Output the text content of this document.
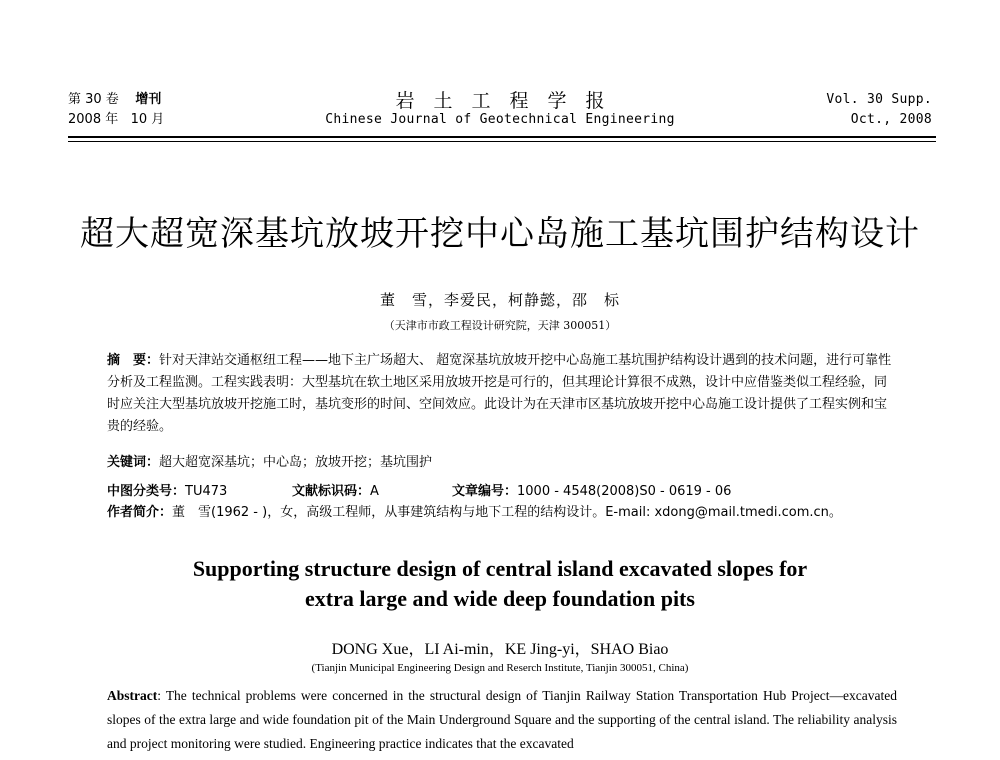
第 30 卷 增刊
2008 年 10 月
岩　土　工　程　学　报
Chinese Journal of Geotechnical Engineering
Vol. 30 Supp.
Oct., 2008
超大超宽深基坑放坡开挖中心岛施工基坑围护结构设计
董　雪，李爱民，柯静懿，邵　标
（天津市市政工程设计研究院，天津 300051）
摘　要：针对天津站交通枢纽工程——地下主广场超大、 超宽深基坑放坡开挖中心岛施工基坑围护结构设计遇到的技术问题，进行可靠性分析及工程监测。工程实践表明：大型基坑在软土地区采用放坡开挖是可行的，但其理论计算很不成熟，设计中应借鉴类似工程经验，同时应关注大型基坑放坡开挖施工时，基坑变形的时间、空间效应。此设计为在天津市区基坑放坡开挖中心岛施工设计提供了工程实例和宝贵的经验。
关键词：超大超宽深基坑；中心岛；放坡开挖；基坑围护
中图分类号：TU473	文献标识码：A	文章编号：1000 - 4548(2008)S0 - 0619 - 06
作者简介：董　雪(1962 - )，女，高级工程师，从事建筑结构与地下工程的结构设计。E-mail: xdong@mail.tmedi.com.cn。
Supporting structure design of central island excavated slopes for
extra large and wide deep foundation pits
DONG Xue，LI Ai-min，KE Jing-yi，SHAO Biao
(Tianjin Municipal Engineering Design and Reserch Institute, Tianjin 300051, China)
Abstract: The technical problems were concerned in the structural design of Tianjin Railway Station Transportation Hub Project—excavated slopes of the extra large and wide foundation pit of the Main Underground Square and the supporting of the central island. The reliability analysis and project monitoring were studied. Engineering practice indicates that the excavated
